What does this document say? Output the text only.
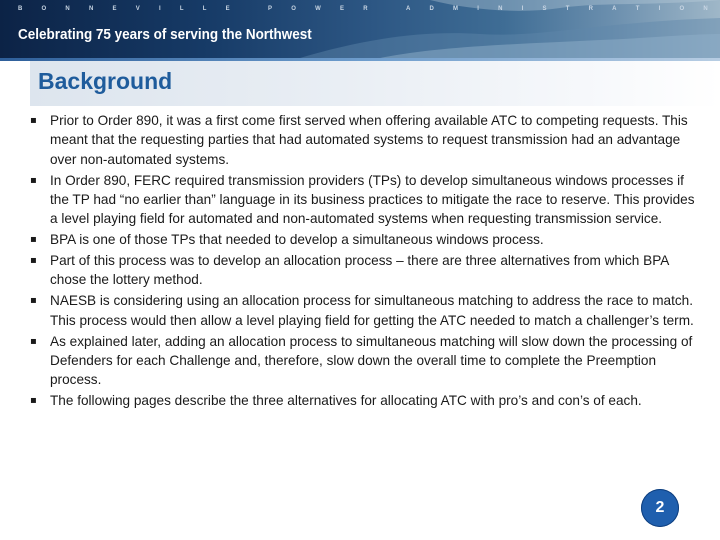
B	O	N	N	E	V	I	L	L	E	P	O	W	E	R	A	D	M	I	N	I	S	T	R	A	T	I	O	N
Celebrating 75 years of serving the Northwest
Background
▪ Prior to Order 890, it was a first come first served when offering available ATC to competing requests. This meant that the requesting parties that had automated systems to request transmission had an advantage over non-automated systems.
▪ In Order 890, FERC required transmission providers (TPs) to develop simultaneous windows processes if the TP had “no earlier than” language in its business practices to mitigate the race to reserve. This provides a level playing field for automated and non-automated systems when requesting transmission service.
▪ BPA is one of those TPs that needed to develop a simultaneous windows process.
▪ Part of this process was to develop an allocation process – there are three alternatives from which BPA chose the lottery method.
▪ NAESB is considering using an allocation process for simultaneous matching to address the race to match. This process would then allow a level playing field for getting the ATC needed to match a challenger’s term.
▪ As explained later, adding an allocation process to simultaneous matching will slow down the processing of Defenders for each Challenge and, therefore, slow down the overall time to complete the Preemption process.
▪ The following pages describe the three alternatives for allocating ATC with pro’s and con’s of each.
2
